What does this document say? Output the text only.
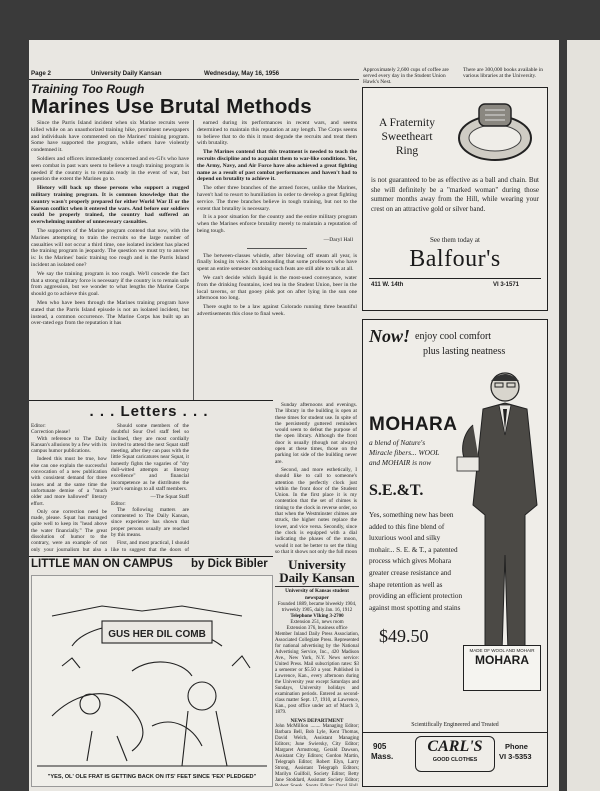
Page 2	University Daily Kansan	Wednesday, May 16, 1956	Approximately 2,600 cups of coffee are served every day in the Student Union Hawk's Nest.
There are 300,000 books available in various libraries at the University.
Training Too Rough
Marines Use Brutal Methods

Since the Parris Island incident when six Marine recruits were killed while on an unauthorized training hike, prominent newspapers and individuals have commented on the Marines' training program. Some have supported the program, while others have violently condemned it.

Soldiers and officers immediately concerned and ex-GI's who have seen combat in past wars seem to believe a tough training program is needed if the country is to remain ready in the event of war, but question the extent the Marines go to.

History will back up those persons who support a rugged military training program. It is common knowledge that the country wasn't properly prepared for either World War II or the Korean conflict when it entered the wars. And before our soldiers could be properly trained, the country had suffered an overwhelming number of unnecessary casualties.

The supporters of the Marine program contend that now, with the Marines attempting to train the recruits so the large number of casualties will not occur a third time, one isolated incident has placed the training program in jeopardy. The question we must try to answer is: Is the Marines' basic training too rough and is the Parris Island incident an isolated one?

We say the training program is too rough. We'll concede the fact that a strong military force is necessary if the country is to remain safe from aggression, but we wonder to what lengths the Marine Corps should go to achieve this goal.

Men who have been through the Marines training program have stated that the Parris Island episode is not an isolated incident, but instead, a common occurrence. The Marine Corps has built up an over-rated ego from the reputation it has

earned during its performances in recent wars, and seems determined to maintain this reputation at any length. The Corps seems to believe that to do this it must degrade the recruits and treat them with brutality.

The Marines contend that this treatment is needed to teach the recruits discipline and to acquaint them to war-like conditions. Yet, the Army, Navy, and Air Force have also achieved a great fighting name as a result of past combat performances and haven't had to depend on brutality to achieve it.

The other three branches of the armed forces, unlike the Marines, haven't had to resort to humiliation in order to develop a great fighting service. The three branches believe in tough training, but not to the extent that brutality is necessary.

It is a poor situation for the country and the entire military program when the Marines enforce brutality merely to maintain a reputation of being tough.

—Daryl Hall

The between-classes whistle, after blowing off steam all year, is finally losing its voice. It's astounding that some professors who have spent an entire semester outdoing such feats are still able to talk at all.

We can't decide which liquid is the most-used conveyance, water from the drinking fountains, iced tea in the Student Union, beer in the local taverns, or that gooey pink pot on after lying in the sun one afternoon too long.

There ought to be a law against Colorado running three beautiful advertisements this close to final week.

. . . Letters . . .
Editor:
Correction please!

With reference to The Daily Kansan's allusions by a few with its campus humor publications.

Indeed this must be true, how else can one explain the successful convocation of a new publication with consistent demand for three issues and at the same time the unfortunate demise of a "much older and more hallowed" literary effort.

Only one correction need be made, please. Squat has managed quite well to keep its "head above the water financially." The great dissolution of humor to the contrary, were an example of not only your journalism but also a

Should some members of the doubtful Sour Owl staff feel so inclined, they are most cordially invited to attend the next Squat staff meeting, after they can pass with the little Squat caricatures near Squat, it honestly fights the vagaries of "dry dull-witted attempts at literary excellence" and financial incompetence as he distributes the year's earnings to all staff members.

—The Squat Staff
Editor:

The following matters are commented to The Daily Kansan, since experience has shown that proper persons usually are reached by this means.

First, and most practical, I should like to suggest that the doors of

Sunday afternoons and evenings. The library in the building is open at these times for student use. In spite of the persistently guttered reminders would seem to defeat the purpose of the open library. Although the front door is usually (though not always) open at these times, those on the parking lot side of the building never are.

Second, and more esthetically, I should like to call to someone's attention the perfectly clock just within the front door of the Student Union. In the first place it is my contention that the set of chimes is timing to the clock in reverse order, so that when the Westminster chimes are struck, the higher notes replace the lower, and vice versa. Secondly, since the clock is equipped with a dial indicating the phases of the moon, would it not be better to set the thing so that it shows not only the full moon

LITTLE MAN ON CAMPUS by Dick Bibler
GUS HER DIL COMB
"YES, OL' OLE FRAT IS GETTING BACK ON ITS' FEET SINCE 'FEX' PLEDGED"
University Daily Kansan
University of Kansas student newspaper
Founded 1889, became biweekly 1904, triweekly 1905, daily Jan. 16, 1912
Telephone VIking 3-2700
Extension 251, news room
Extension 376, business office
Member Inland Daily Press Association, Associated Collegiate Press. Represented for national advertising by the National Advertising Service, Inc., 420 Madison Ave., New York, N.Y. News service: United Press. Mail subscription rates: $3 a semester or $5.50 a year. Published in Lawrence, Kan., every afternoon during the University year except Saturdays and Sundays, University holidays and examination periods. Entered as second-class matter Sept. 17, 1910, at Lawrence, Kan., post office under act of March 3, 1879.
NEWS DEPARTMENT
John McMillion ........ Managing Editor; Barbara Bell, Bob Lyle, Kent Thomas, David Welch, Assistant Managing Editors; June Swiersky, City Editor; Margaret Armstrong, Gerald Dawson, Assistant City Editors; Gordon Martin, Telegraph Editor; Robert Elyn, Larry Strong, Assistant Telegraph Editors; Marilyn Guilfoil, Society Editor; Betty Jane Stoddard, Assistant Society Editor;
A Fraternity Sweetheart Ring
is not guaranteed to be as effective as a ball and chain. But she will definitely be a "marked woman" during those summer months away from the Hill, while wearing your crest on an attractive gold or silver band.
See them today at
Balfour's
411 W. 14th	VI 3-1571
Now! enjoy cool comfort
plus lasting neatness
MOHARA
a blend of Nature's Miracle fibers... WOOL and MOHAIR is now
S.E.&T.
Yes, something new has been added to this fine blend of luxurious wool and silky mohair... S. E. & T., a patented process which gives Mohara greater crease resistance and shape retention as well as providing an efficient protection against most spotting and stains
$49.50
MADE OF WOOL AND MOHAIR
MOHARA
Scientifically Engineered and Treated
905
Mass.
CARL'S
GOOD CLOTHES
Phone
VI 3-5353
